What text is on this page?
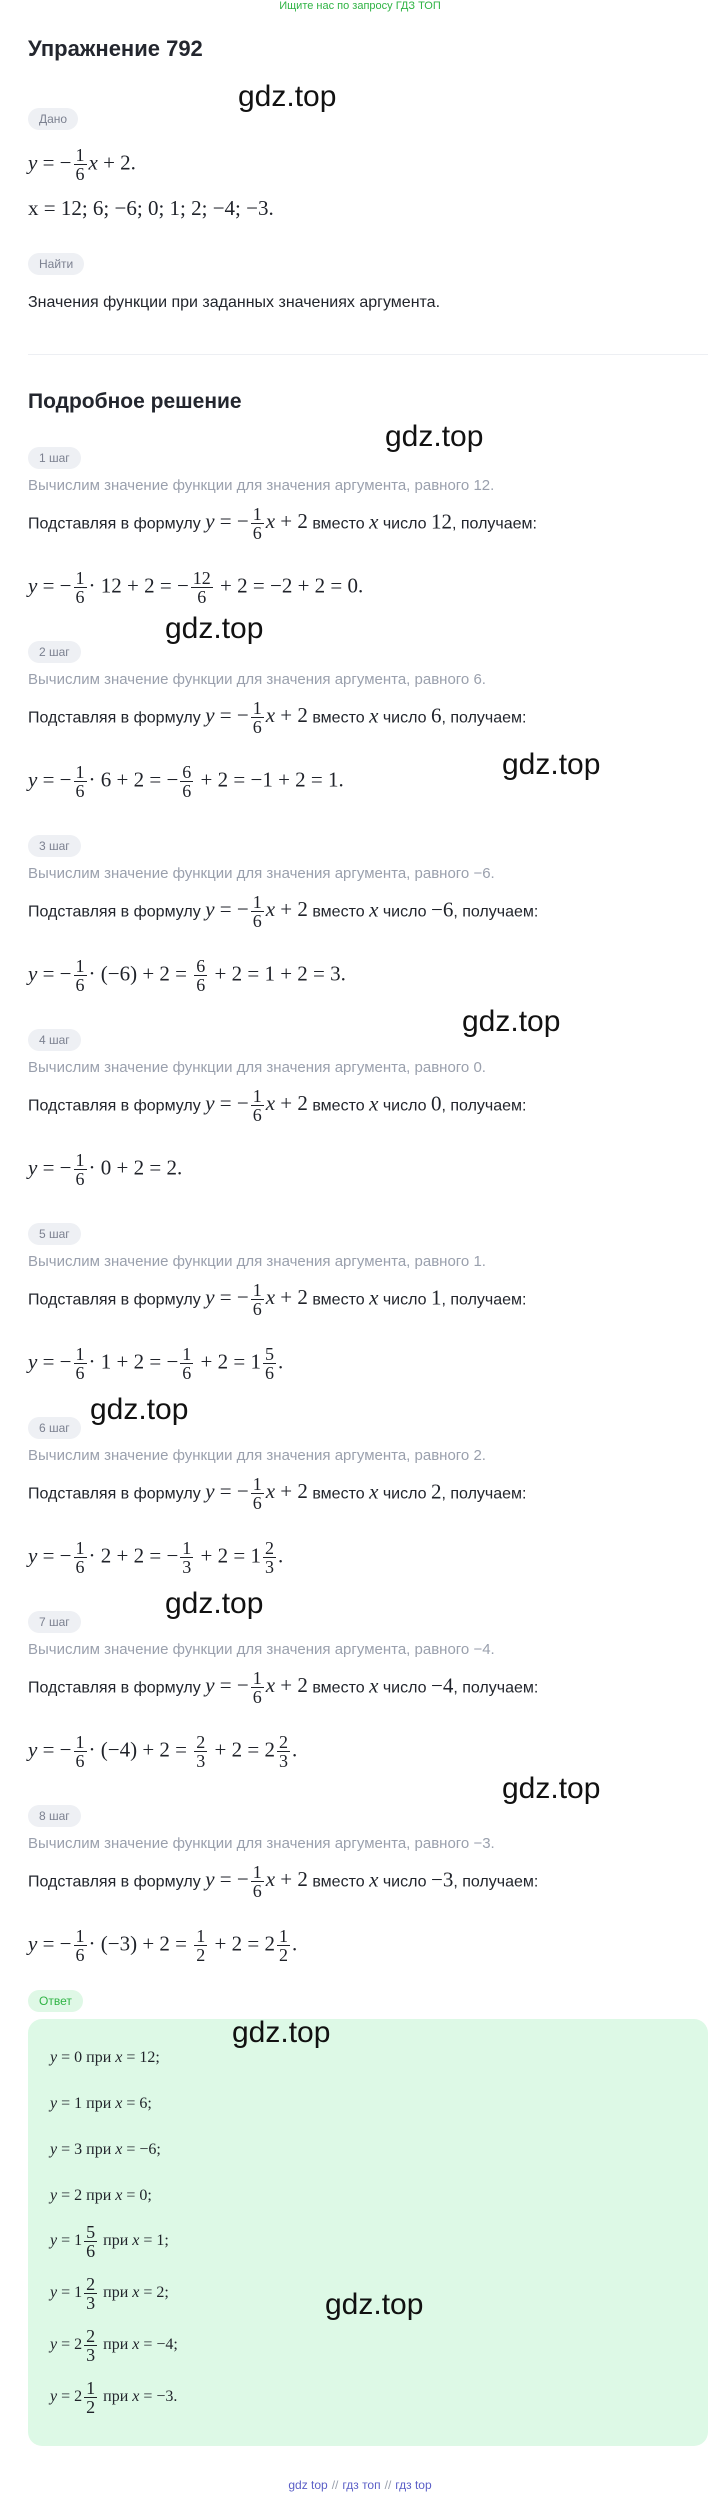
Ищите нас по запросу ГДЗ ТОП
Упражнение 792
Дано
y = − $\frac{1}{6}$ x + 2.
x = 12; 6; −6; 0; 1; 2; −4; −3.
Найти
Значения функции при заданных значениях аргумента.
Подробное решение
1 шаг
Вычислим значение функции для значения аргумента, равного 12.
Подставляя в формулу y = − $\frac{1}{6}$ x + 2 вместо x число 12, получаем:
y = − $\frac{1}{6} \cdot 12 + 2$ = − $\frac{12}{6} + 2 = -2 + 2 = 0$.
2 шаг
Вычислим значение функции для значения аргумента, равного 6.
Подставляя в формулу y = − $\frac{1}{6}$ x + 2 вместо x число 6, получаем:
y = − $\frac{1}{6} \cdot 6 + 2$ = − $\frac{6}{6} + 2 = -1 + 2 = 1$.
3 шаг
Вычислим значение функции для значения аргумента, равного −6.
Подставляя в формулу y = − $\frac{1}{6}$ x + 2 вместо x число −6, получаем:
y = − $\frac{1}{6} \cdot (-6) + 2 = \frac{6}{6} + 2 = 1 + 2 = 3$.
4 шаг
Вычислим значение функции для значения аргумента, равного 0.
Подставляя в формулу y = − $\frac{1}{6}$ x + 2 вместо x число 0, получаем:
y = − $\frac{1}{6} \cdot 0 + 2 = 2$.
5 шаг
Вычислим значение функции для значения аргумента, равного 1.
Подставляя в формулу y = − $\frac{1}{6}$ x + 2 вместо x число 1, получаем:
y = − $\frac{1}{6} \cdot 1 + 2$ = − $\frac{1}{6} + 2 = 1 \frac{5}{6}$ .
6 шаг
Вычислим значение функции для значения аргумента, равного 2.
Подставляя в формулу y = − $\frac{1}{6}$ x + 2 вместо x число 2, получаем:
y = − $\frac{1}{6} \cdot 2 + 2$ = − $\frac{1}{3} + 2 = 1 \frac{2}{3}$ .
7 шаг
Вычислим значение функции для значения аргумента, равного −4.
Подставляя в формулу y = − $\frac{1}{6}$ x + 2 вместо x число −4, получаем:
y = − $\frac{1}{6} \cdot (-4) + 2 = \frac{2}{3} + 2 = 2 \frac{2}{3}$ .
8 шаг
Вычислим значение функции для значения аргумента, равного −3.
Подставляя в формулу y = − $\frac{1}{6}$ x + 2 вместо x число −3, получаем:
y = − $\frac{1}{6} \cdot (-3) + 2 = \frac{1}{2} + 2 = 2 \frac{1}{2}$ .
Ответ
y = 0 при x = 12;
y = 1 при x = 6;
y = 3 при x = −6;
y = 2 при x = 0;
$y = 1 \frac{5}{6}$ при x = 1;
$y = 1 \frac{2}{3}$ при x = 2;
$y = 2 \frac{2}{3}$ при x = −4;
$y = 2 \frac{1}{2}$ при x = −3.
gdz top // гдз топ // гдз top
gdz.top
gdz.top
gdz.top
gdz.top
gdz.top
gdz.top
gdz.top
gdz.top
gdz.top
gdz.top
